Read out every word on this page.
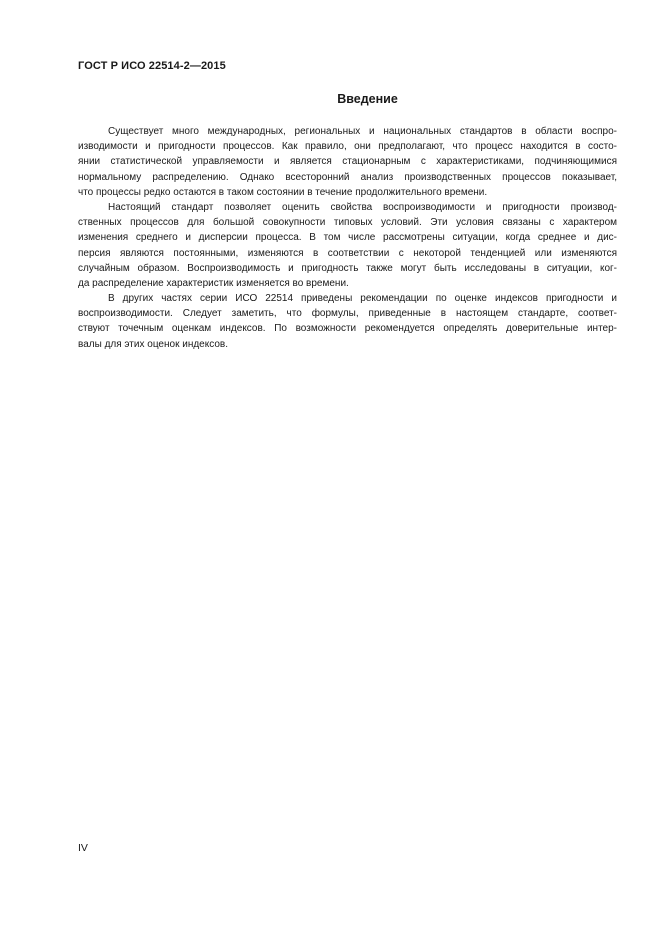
ГОСТ Р ИСО 22514-2—2015
Введение

Существует много международных, региональных и национальных стандартов в области воспро-
изводимости и пригодности процессов. Как правило, они предполагают, что процесс находится в состо-
янии статистической управляемости и является стационарным с характеристиками, подчиняющимися
нормальному распределению. Однако всесторонний анализ производственных процессов показывает,
что процессы редко остаются в таком состоянии в течение продолжительного времени.

Настоящий стандарт позволяет оценить свойства воспроизводимости и пригодности производ-
ственных процессов для большой совокупности типовых условий. Эти условия связаны с характером
изменения среднего и дисперсии процесса. В том числе рассмотрены ситуации, когда среднее и дис-
персия являются постоянными, изменяются в соответствии с некоторой тенденцией или изменяются
случайным образом. Воспроизводимость и пригодность также могут быть исследованы в ситуации, ког-
да распределение характеристик изменяется во времени.

В других частях серии ИСО 22514 приведены рекомендации по оценке индексов пригодности и
воспроизводимости. Следует заметить, что формулы, приведенные в настоящем стандарте, соответ-
ствуют точечным оценкам индексов. По возможности рекомендуется определять доверительные интер-
валы для этих оценок индексов.

IV
